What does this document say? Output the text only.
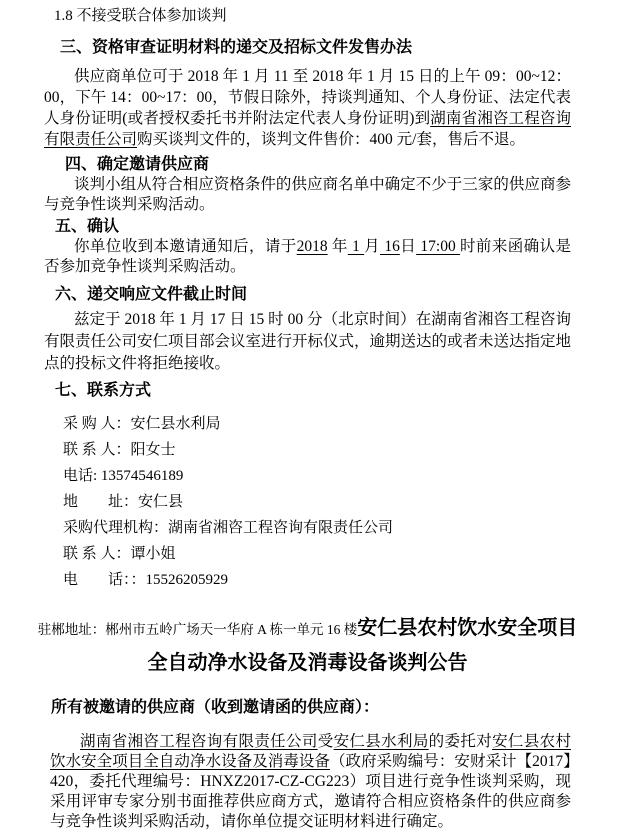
1.8 不接受联合体参加谈判

三、资格审查证明材料的递交及招标文件发售办法

供应商单位可于 2018 年 1 月 11 至 2018 年 1 月 15 日的上午 09：00~12：00，下午 14：00~17：00，节假日除外，持谈判通知、个人身份证、法定代表人身份证明(或者授权委托书并附法定代表人身份证明)到湖南省湘咨工程咨询有限责任公司购买谈判文件的，谈判文件售价：400 元/套，售后不退。

四、确定邀请供应商

谈判小组从符合相应资格条件的供应商名单中确定不少于三家的供应商参与竞争性谈判采购活动。

五、确认

你单位收到本邀请通知后，请于2018 年 1 月 16日 17:00 时前来函确认是否参加竞争性谈判采购活动。

六、递交响应文件截止时间

兹定于 2018 年 1 月 17 日 15 时 00 分（北京时间）在湖南省湘咨工程咨询有限责任公司安仁项目部会议室进行开标仪式，逾期送达的或者未送达指定地点的投标文件将拒绝接收。

七、联系方式

采 购 人：安仁县水利局

联 系 人：阳女士

电话: 13574546189

地　　址：安仁县

采购代理机构：湖南省湘咨工程咨询有限责任公司

联 系 人：谭小姐

电　　话：：15526205929

驻郴地址：郴州市五岭广场天一华府 A 栋一单元 16 楼安仁县农村饮水安全项目

全自动净水设备及消毒设备谈判公告

所有被邀请的供应商（收到邀请函的供应商）：

湖南省湘咨工程咨询有限责任公司受安仁县水利局的委托对安仁县农村饮水安全项目全自动净水设备及消毒设备（政府采购编号：安财采计【2017】420，委托代理编号：HNXZ2017-CZ-CG223）项目进行竞争性谈判采购，现采用评审专家分别书面推荐供应商方式，邀请符合相应资格条件的供应商参与竞争性谈判采购活动，请你单位提交证明材料进行确定。
